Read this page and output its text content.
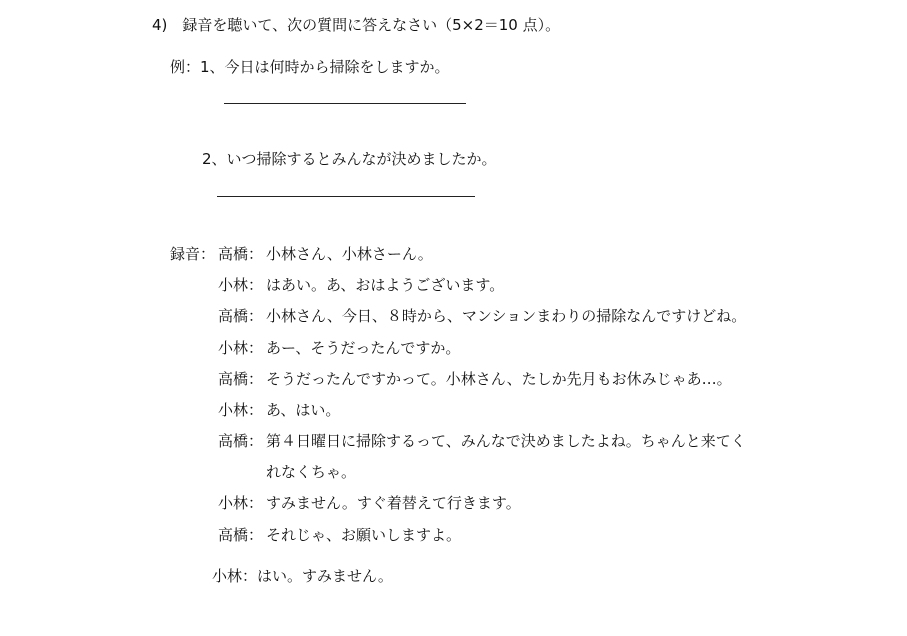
4)　録音を聴いて、次の質問に答えなさい（5×2＝10 点）。
例：1、今日は何時から掃除をしますか。
2、いつ掃除するとみんなが決めましたか。
録音： 高橋： 小林さん、小林さーん。
小林： はあい。あ、おはようございます。
高橋： 小林さん、今日、８時から、マンションまわりの掃除なんですけどね。
小林： あー、そうだったんですか。
高橋： そうだったんですかって。小林さん、たしか先月もお休みじゃあ…。
小林： あ、はい。
高橋： 第４日曜日に掃除するって、みんなで決めましたよね。ちゃんと来てく
れなくちゃ。
小林： すみません。すぐ着替えて行きます。
高橋： それじゃ、お願いしますよ。
小林：はい。すみません。
